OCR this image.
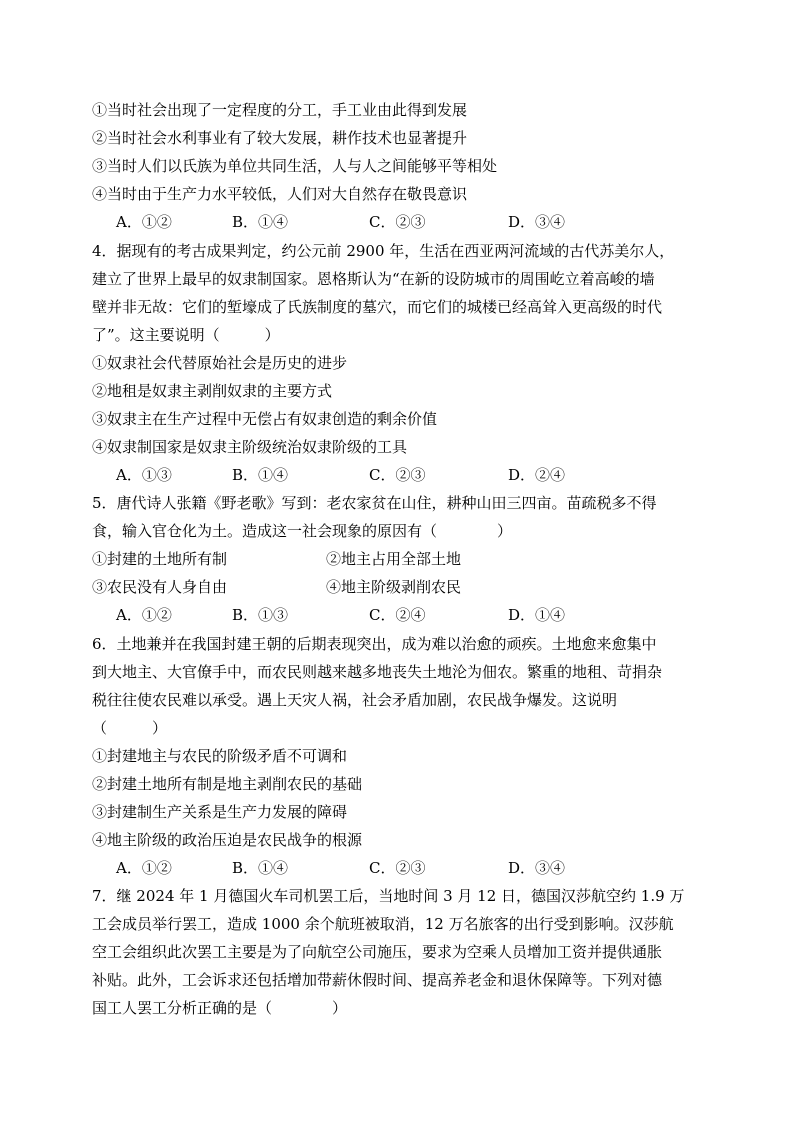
①当时社会出现了一定程度的分工，手工业由此得到发展
②当时社会水利事业有了较大发展，耕作技术也显著提升
③当时人们以氏族为单位共同生活，人与人之间能够平等相处
④当时由于生产力水平较低，人们对大自然存在敬畏意识
A．①②	B．①④	C．②③	D．③④
4．据现有的考古成果判定，约公元前 2900 年，生活在西亚两河流域的古代苏美尔人，
建立了世界上最早的奴隶制国家。恩格斯认为“在新的设防城市的周围屹立着高峻的墙
壁并非无故：它们的堑壕成了氏族制度的墓穴，而它们的城楼已经高耸入更高级的时代
了”。这主要说明（　　　）
①奴隶社会代替原始社会是历史的进步
②地租是奴隶主剥削奴隶的主要方式
③奴隶主在生产过程中无偿占有奴隶创造的剩余价值
④奴隶制国家是奴隶主阶级统治奴隶阶级的工具
A．①③	B．①④	C．②③	D．②④
5．唐代诗人张籍《野老歌》写到：老农家贫在山住，耕种山田三四亩。苗疏税多不得
食，输入官仓化为土。造成这一社会现象的原因有（　　　　）
①封建的土地所有制	②地主占用全部土地
③农民没有人身自由	④地主阶级剥削农民
A．①②	B．①③	C．②④	D．①④
6．土地兼并在我国封建王朝的后期表现突出，成为难以治愈的顽疾。土地愈来愈集中
到大地主、大官僚手中，而农民则越来越多地丧失土地沦为佃农。繁重的地租、苛捐杂
税往往使农民难以承受。遇上天灾人祸，社会矛盾加剧，农民战争爆发。这说明
（　　　）
①封建地主与农民的阶级矛盾不可调和
②封建土地所有制是地主剥削农民的基础
③封建制生产关系是生产力发展的障碍
④地主阶级的政治压迫是农民战争的根源
A．①②	B．①④	C．②③	D．③④
7．继 2024 年 1 月德国火车司机罢工后，当地时间 3 月 12 日，德国汉莎航空约 1.9 万
工会成员举行罢工，造成 1000 余个航班被取消，12 万名旅客的出行受到影响。汉莎航
空工会组织此次罢工主要是为了向航空公司施压，要求为空乘人员增加工资并提供通胀
补贴。此外，工会诉求还包括增加带薪休假时间、提高养老金和退休保障等。下列对德
国工人罢工分析正确的是（　　　　）
